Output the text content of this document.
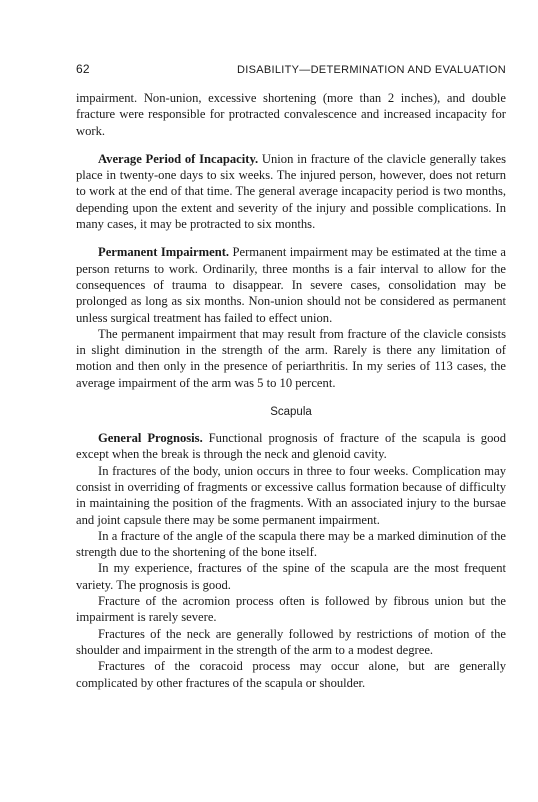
62	DISABILITY—DETERMINATION AND EVALUATION

impairment. Non-union, excessive shortening (more than 2 inches), and double fracture were responsible for protracted convalescence and increased incapacity for work.

Average Period of Incapacity. Union in fracture of the clavicle generally takes place in twenty-one days to six weeks. The injured person, however, does not return to work at the end of that time. The general average incapacity period is two months, depending upon the extent and severity of the injury and possible complications. In many cases, it may be protracted to six months.

Permanent Impairment. Permanent impairment may be estimated at the time a person returns to work. Ordinarily, three months is a fair interval to allow for the consequences of trauma to disappear. In severe cases, consolidation may be prolonged as long as six months. Non-union should not be considered as permanent unless surgical treatment has failed to effect union.

The permanent impairment that may result from fracture of the clavicle consists in slight diminution in the strength of the arm. Rarely is there any limitation of motion and then only in the presence of periarthritis. In my series of 113 cases, the average impairment of the arm was 5 to 10 percent.

Scapula

General Prognosis. Functional prognosis of fracture of the scapula is good except when the break is through the neck and glenoid cavity.

In fractures of the body, union occurs in three to four weeks. Complication may consist in overriding of fragments or excessive callus formation because of difficulty in maintaining the position of the fragments. With an associated injury to the bursae and joint capsule there may be some permanent impairment.

In a fracture of the angle of the scapula there may be a marked diminution of the strength due to the shortening of the bone itself.

In my experience, fractures of the spine of the scapula are the most frequent variety. The prognosis is good.

Fracture of the acromion process often is followed by fibrous union but the impairment is rarely severe.

Fractures of the neck are generally followed by restrictions of motion of the shoulder and impairment in the strength of the arm to a modest degree.

Fractures of the coracoid process may occur alone, but are generally complicated by other fractures of the scapula or shoulder.
